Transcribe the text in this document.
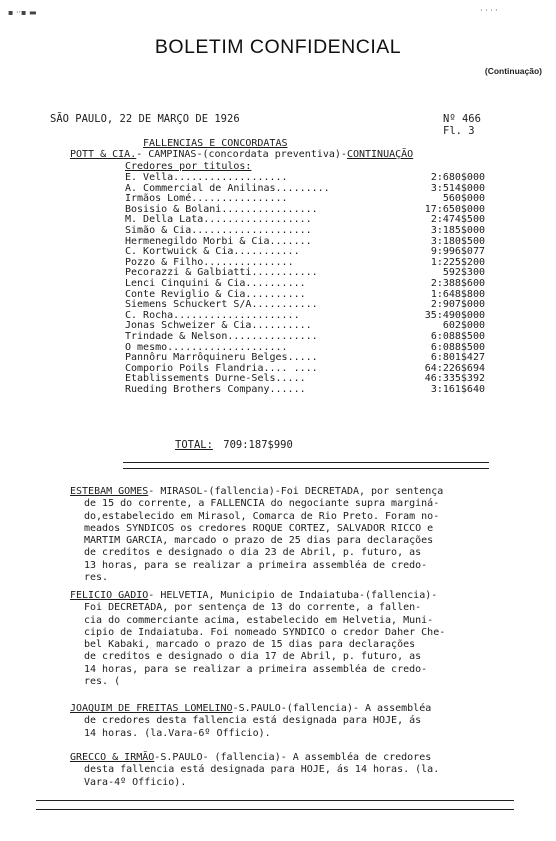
▪ ··▪ ▬	· · · ·
BOLETIM CONFIDENCIAL
(Continuação)
SÃO PAULO, 22 DE MARÇO DE 1926	Nº 466
Fl. 3
FALLENCIAS E CONCORDATAS
POTT & CIA.- CAMPINAS-(concordata preventiva)-CONTINUAÇÃO
Credores por titulos:
E. Vella...................	2:680$000
A. Commercial de Anilinas.........	3:514$000
Irmãos Lomé................	560$000
Bosisio & Bolani................	17:650$000
M. Della Lata..................	2:474$500
Simão & Cia....................	3:185$000
Hermenegildo Morbi & Cia.......	3:180$500
C. Kortwuick & Cia...........	9:996$077
Pozzo & Filho...............	1:225$200
Pecorazzi & Galbiatti...........	592$300
Lenci Cinquini & Cia..........	2:388$600
Conte Reviglio & Cia..........	1:648$800
Siemens Schuckert S/A...........	2:907$000
C. Rocha.....................	35:490$000
Jonas Schweizer & Cia..........	602$000
Trindade & Nelson...............	6:088$500
O mesmo....................	6:088$500
Pannôru Marrôquineru Belges.....	6:801$427
Comporio Poils Flandria.... ....	64:226$694
Etablissements Durne-Sels.....	46:335$392
Rueding Brothers Company......	3:161$640
TOTAL: 709:187$990
ESTEBAM GOMES- MIRASOL-(fallencia)-Foi DECRETADA, por sentença
de 15 do corrente, a FALLENCIA do negociante supra marginá-
do,estabelecido em Mirasol, Comarca de Rio Preto. Foram no-
meados SYNDICOS os credores ROQUE CORTEZ, SALVADOR RICCO e
MARTIM GARCIA, marcado o prazo de 25 dias para declarações
de creditos e designado o dia 23 de Abril, p. futuro, as
13 horas, para se realizar a primeira assembléa de credo-
res.
FELICIO GADIO- HELVETIA, Municipio de Indaiatuba-(fallencia)-
Foi DECRETADA, por sentença de 13 do corrente, a fallen-
cia do commerciante acima, estabelecido em Helvetia, Muni-
cipio de Indaiatuba. Foi nomeado SYNDICO o credor Daher Che-
bel Kabaki, marcado o prazo de 15 dias para declarações
de creditos e designado o dia 17 de Abril, p. futuro, as
14 horas, para se realizar a primeira assembléa de credo-
res. (
JOAQUIM DE FREITAS LOMELINO-S.PAULO-(fallencia)- A assembléa
de credores desta fallencia está designada para HOJE, ás
14 horas. (la.Vara-6º Officio).
GRECCO & IRMÃO-S.PAULO- (fallencia)- A assembléa de credores
desta fallencia está designada para HOJE, ás 14 horas. (la.
Vara-4º Officio).
